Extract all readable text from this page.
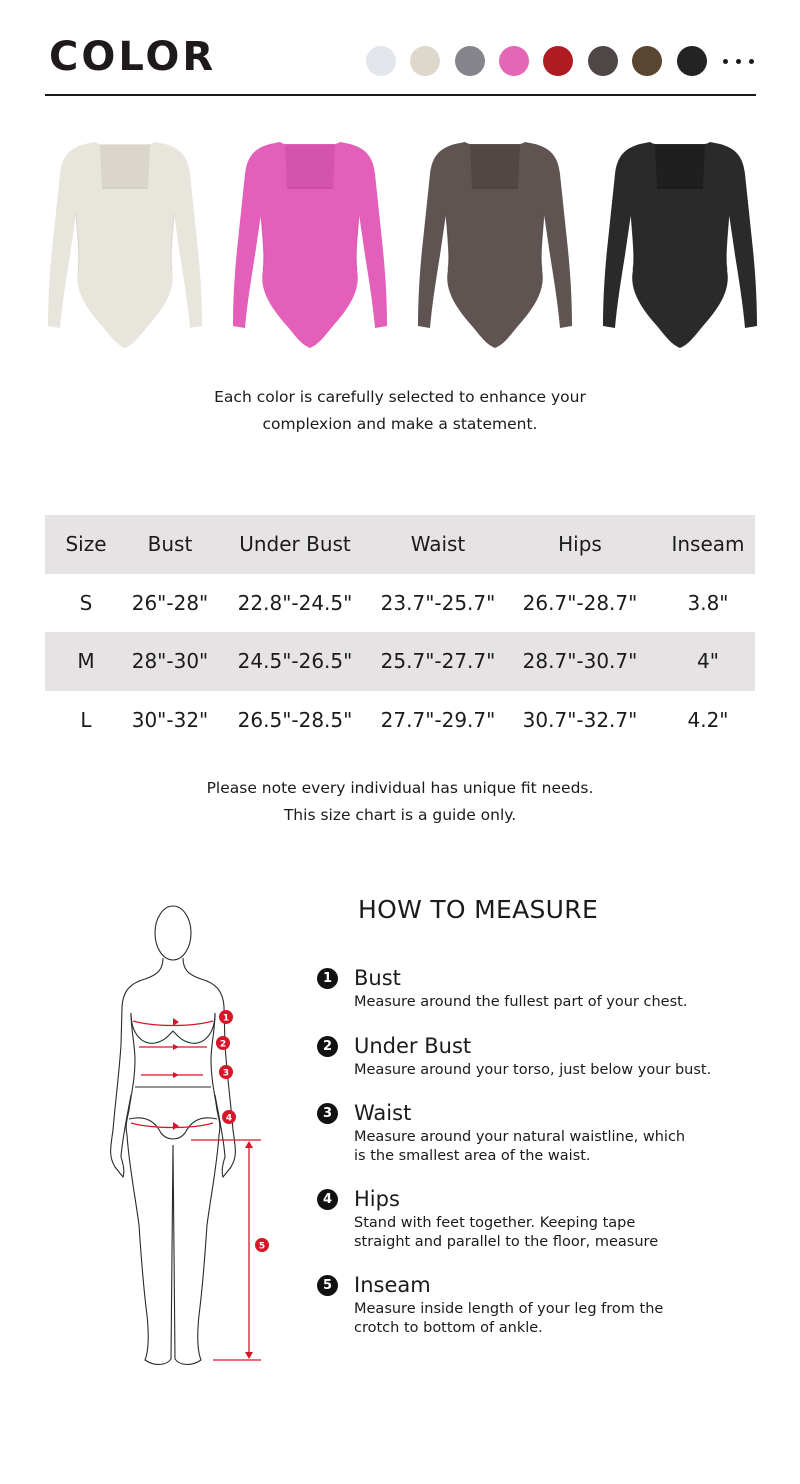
COLOR
Each color is carefully selected to enhance your
complexion and make a statement.
Size	Bust	Under Bust	Waist	Hips	Inseam
S	26"-28"	22.8"-24.5"	23.7"-25.7"	26.7"-28.7"	3.8"
M	28"-30"	24.5"-26.5"	25.7"-27.7"	28.7"-30.7"	4"
L	30"-32"	26.5"-28.5"	27.7"-29.7"	30.7"-32.7"	4.2"
Please note every individual has unique fit needs.
This size chart is a guide only.
1
2
3
4
5
HOW TO MEASURE
1 Bust
Measure around the fullest part of your chest.
2 Under Bust
Measure around your torso, just below your bust.
3 Waist
Measure around your natural waistline, which
is the smallest area of the waist.
4 Hips
Stand with feet together. Keeping tape
straight and parallel to the floor, measure
5 Inseam
Measure inside length of your leg from the
crotch to bottom of ankle.
